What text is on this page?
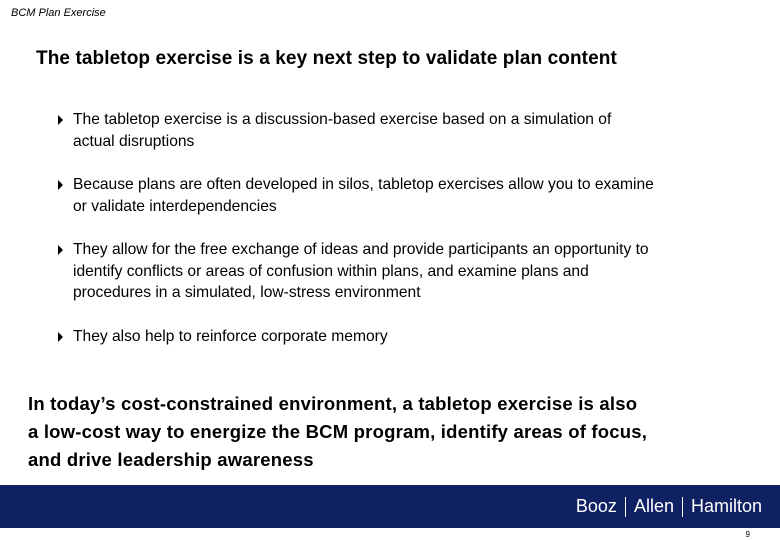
BCM Plan Exercise
The tabletop exercise is a key next step to validate plan content
The tabletop exercise is a discussion-based exercise based on a simulation of
actual disruptions
Because plans are often developed in silos, tabletop exercises allow you to examine
or validate interdependencies
They allow for the free exchange of ideas and provide participants an opportunity to
identify conflicts or areas of confusion within plans, and examine plans and
procedures in a simulated, low-stress environment
They also help to reinforce corporate memory
In today’s cost-constrained environment, a tabletop exercise is also
a low-cost way to energize the BCM program, identify areas of focus,
and drive leadership awareness
Booz Allen Hamilton
9
